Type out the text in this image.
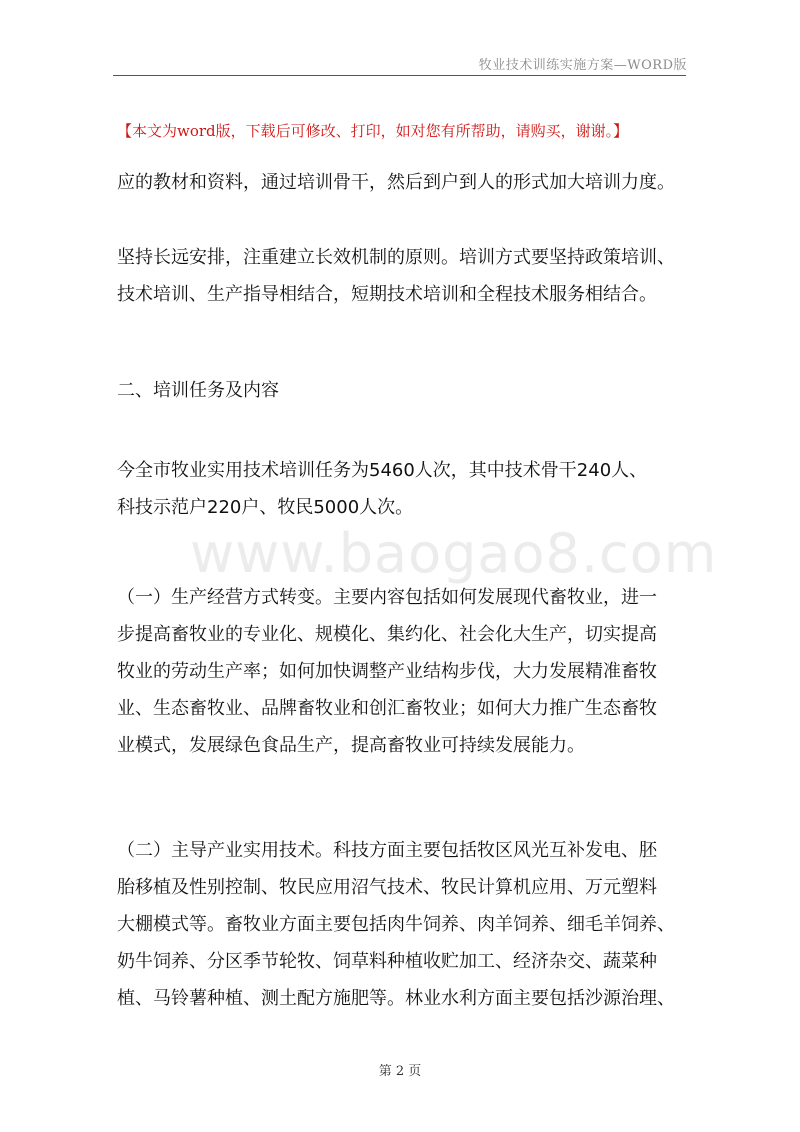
牧业技术训练实施方案—WORD版
【本文为word版，下载后可修改、打印，如对您有所帮助，请购买，谢谢。】
www.baogao8.com
应的教材和资料，通过培训骨干，然后到户到人的形式加大培训力度。
坚持长远安排，注重建立长效机制的原则。培训方式要坚持政策培训、
技术培训、生产指导相结合，短期技术培训和全程技术服务相结合。
二、培训任务及内容
今全市牧业实用技术培训任务为5460人次，其中技术骨干240人、
科技示范户220户、牧民5000人次。
（一）生产经营方式转变。主要内容包括如何发展现代畜牧业，进一
步提高畜牧业的专业化、规模化、集约化、社会化大生产，切实提高
牧业的劳动生产率；如何加快调整产业结构步伐，大力发展精准畜牧
业、生态畜牧业、品牌畜牧业和创汇畜牧业；如何大力推广生态畜牧
业模式，发展绿色食品生产，提高畜牧业可持续发展能力。
（二）主导产业实用技术。科技方面主要包括牧区风光互补发电、胚
胎移植及性别控制、牧民应用沼气技术、牧民计算机应用、万元塑料
大棚模式等。畜牧业方面主要包括肉牛饲养、肉羊饲养、细毛羊饲养、
奶牛饲养、分区季节轮牧、饲草料种植收贮加工、经济杂交、蔬菜种
植、马铃薯种植、测土配方施肥等。林业水利方面主要包括沙源治理、
第 2 页
